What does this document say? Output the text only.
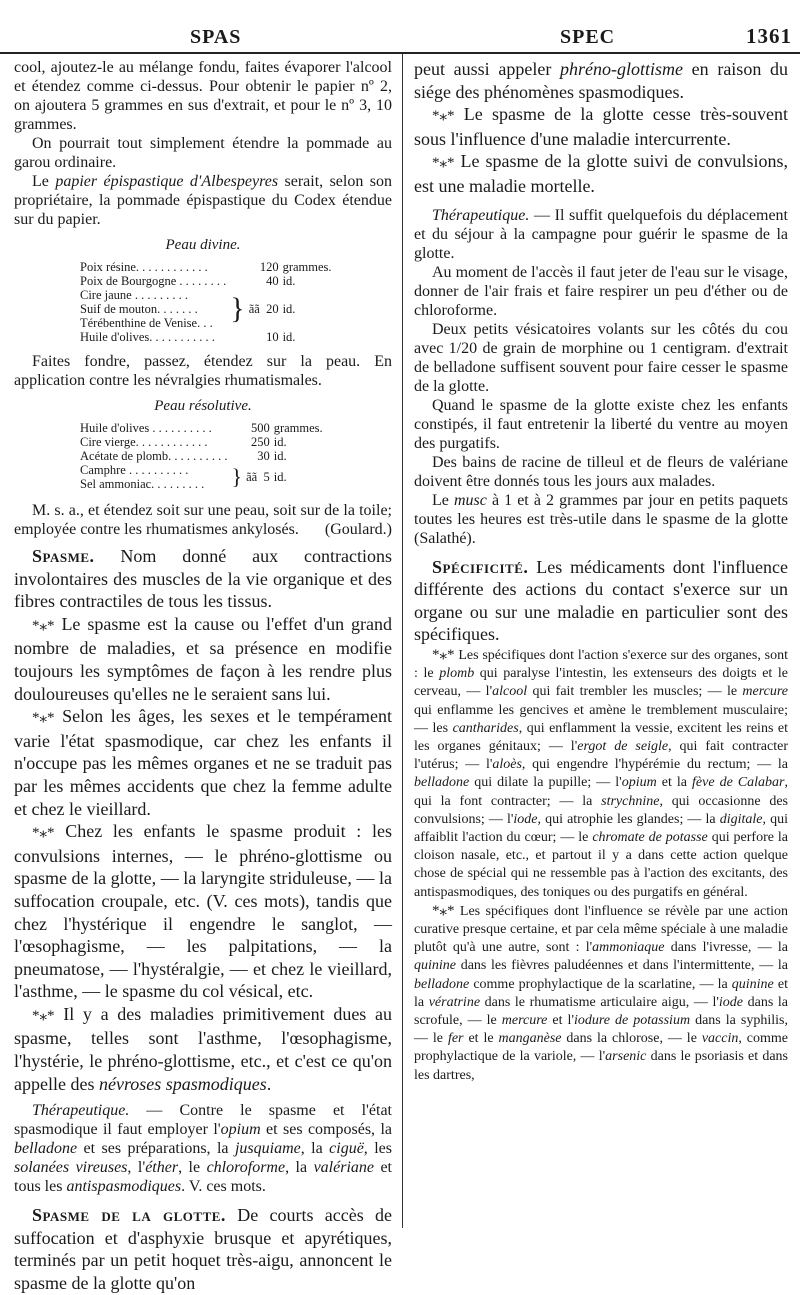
SPAS	SPEC	1361

cool, ajoutez-le au mélange fondu, faites évaporer l'alcool et étendez comme ci-dessus. Pour obtenir le papier nº 2, on ajoutera 5 grammes en sus d'extrait, et pour le nº 3, 10 grammes.

On pourrait tout simplement étendre la pommade au garou ordinaire.

Le papier épispastique d'Albespeyres serait, selon son propriétaire, la pommade épispastique du Codex étendue sur du papier.

Peau divine.
Poix résine. . . . . . . . . . . .		120	grammes.
Poix de Bourgogne . . . . . . . .		40	id.
Cire jaune . . . . . . . . .	}	ãã 20	id.
Suif de mouton. . . . . . .			
Térébenthine de Venise. . .			
Huile d'olives. . . . . . . . . . .		10	id.

Faites fondre, passez, étendez sur la peau. En application contre les névralgies rhumatismales.

Peau résolutive.
Huile d'olives . . . . . . . . . .		500	grammes.
Cire vierge. . . . . . . . . . . .		250	id.
Acétate de plomb. . . . . . . . . .		30	id.
Camphre . . . . . . . . . .	}	ãã 5	id.
Sel ammoniac. . . . . . . . .			

M. s. a., et étendez soit sur une peau, soit sur de la toile; employée contre les rhumatismes ankylosés.	(Goulard.)

Spasme. Nom donné aux contractions involontaires des muscles de la vie organique et des fibres contractiles de tous les tissus.

*⁎* Le spasme est la cause ou l'effet d'un grand nombre de maladies, et sa présence en modifie toujours les symptômes de façon à les rendre plus douloureuses qu'elles ne le seraient sans lui.

*⁎* Selon les âges, les sexes et le tempérament varie l'état spasmodique, car chez les enfants il n'occupe pas les mêmes organes et ne se traduit pas par les mêmes accidents que chez la femme adulte et chez le vieillard.

*⁎* Chez les enfants le spasme produit : les convulsions internes, — le phréno-glottisme ou spasme de la glotte, — la laryngite striduleuse, — la suffocation croupale, etc. (V. ces mots), tandis que chez l'hystérique il engendre le sanglot, — l'œsophagisme, — les palpitations, — la pneumatose, — l'hystéralgie, — et chez le vieillard, l'asthme, — le spasme du col vésical, etc.

*⁎* Il y a des maladies primitivement dues au spasme, telles sont l'asthme, l'œsophagisme, l'hystérie, le phréno-glottisme, etc., et c'est ce qu'on appelle des névroses spasmodiques.

Thérapeutique. — Contre le spasme et l'état spasmodique il faut employer l'opium et ses composés, la belladone et ses préparations, la jusquiame, la ciguë, les solanées vireuses, l'éther, le chloroforme, la valériane et tous les antispasmodiques. V. ces mots.

Spasme de la glotte. De courts accès de suffocation et d'asphyxie brusque et apyrétiques, terminés par un petit hoquet très-aigu, annoncent le spasme de la glotte qu'on

peut aussi appeler phréno-glottisme en raison du siége des phénomènes spasmodiques.

*⁎* Le spasme de la glotte cesse très-souvent sous l'influence d'une maladie intercurrente.

*⁎* Le spasme de la glotte suivi de convulsions, est une maladie mortelle.

Thérapeutique. — Il suffit quelquefois du déplacement et du séjour à la campagne pour guérir le spasme de la glotte.

Au moment de l'accès il faut jeter de l'eau sur le visage, donner de l'air frais et faire respirer un peu d'éther ou de chloroforme.

Deux petits vésicatoires volants sur les côtés du cou avec 1/20 de grain de morphine ou 1 centigram. d'extrait de belladone suffisent souvent pour faire cesser le spasme de la glotte.

Quand le spasme de la glotte existe chez les enfants constipés, il faut entretenir la liberté du ventre au moyen des purgatifs.

Des bains de racine de tilleul et de fleurs de valériane doivent être donnés tous les jours aux malades.

Le musc à 1 et à 2 grammes par jour en petits paquets toutes les heures est très-utile dans le spasme de la glotte (Salathé).

Spécificité. Les médicaments dont l'influence différente des actions du contact s'exerce sur un organe ou sur une maladie en particulier sont des spécifiques.

*⁎* Les spécifiques dont l'action s'exerce sur des organes, sont : le plomb qui paralyse l'intestin, les extenseurs des doigts et le cerveau, — l'alcool qui fait trembler les muscles; — le mercure qui enflamme les gencives et amène le tremblement musculaire; — les cantharides, qui enflamment la vessie, excitent les reins et les organes génitaux; — l'ergot de seigle, qui fait contracter l'utérus; — l'aloès, qui engendre l'hypérémie du rectum; — la belladone qui dilate la pupille; — l'opium et la fève de Calabar, qui la font contracter; — la strychnine, qui occasionne des convulsions; — l'iode, qui atrophie les glandes; — la digitale, qui affaiblit l'action du cœur; — le chromate de potasse qui perfore la cloison nasale, etc., et partout il y a dans cette action quelque chose de spécial qui ne ressemble pas à l'action des excitants, des antispasmodiques, des toniques ou des purgatifs en général.

*⁎* Les spécifiques dont l'influence se révèle par une action curative presque certaine, et par cela même spéciale à une maladie plutôt qu'à une autre, sont : l'ammoniaque dans l'ivresse, — la quinine dans les fièvres paludéennes et dans l'intermittente, — la belladone comme prophylactique de la scarlatine, — la quinine et la vératrine dans le rhumatisme articulaire aigu, — l'iode dans la scrofule, — le mercure et l'iodure de potassium dans la syphilis, — le fer et le manganèse dans la chlorose, — le vaccin, comme prophylactique de la variole, — l'arsenic dans le psoriasis et dans les dartres,
